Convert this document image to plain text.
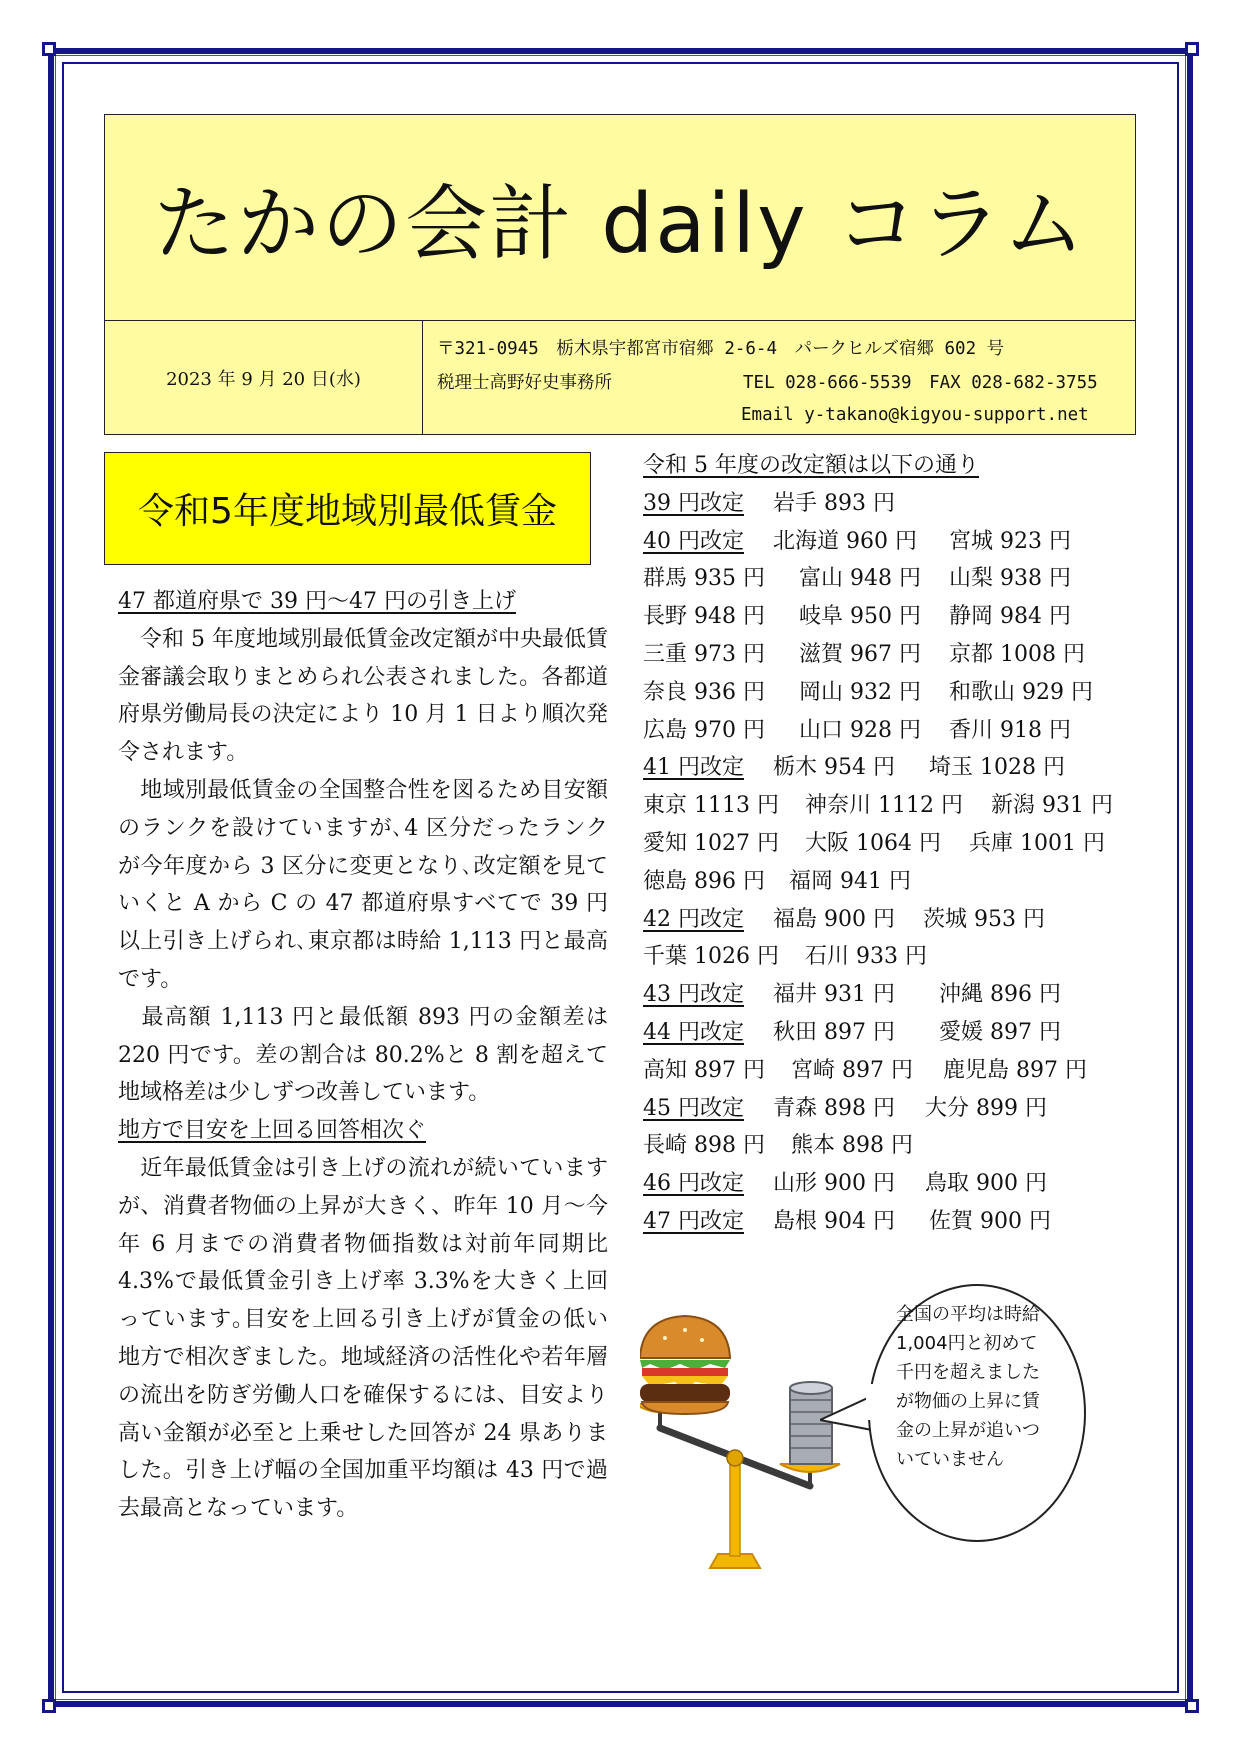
たかの会計 daily コラム
2023 年 9 月 20 日(水)
〒321-0945　栃木県宇都宮市宿郷 2-6-4　パークヒルズ宿郷 602 号
税理士高野好史事務所	TEL 028-666-5539　FAX 028-682-3755
Email y-takano@kigyou-support.net
令和5年度地域別最低賃金

47 都道府県で 39 円～47 円の引き上げ

　令和 5 年度地域別最低賃金改定額が中央最低賃金審議会取りまとめられ公表されました。各都道府県労働局長の決定により 10 月 1 日より順次発令されます。

　地域別最低賃金の全国整合性を図るため目安額のランクを設けていますが､4 区分だったランクが今年度から 3 区分に変更となり､改定額を見ていくと A から C の 47 都道府県すべてで 39 円以上引き上げられ､東京都は時給 1,113 円と最高です。

　最高額 1,113 円と最低額 893 円の金額差は 220 円です。差の割合は 80.2%と 8 割を超えて地域格差は少しずつ改善しています。

地方で目安を上回る回答相次ぐ

　近年最低賃金は引き上げの流れが続いていますが、消費者物価の上昇が大きく、昨年 10 月～今年 6 月までの消費者物価指数は対前年同期比 4.3%で最低賃金引き上げ率 3.3%を大きく上回っています｡目安を上回る引き上げが賃金の低い地方で相次ぎました。地域経済の活性化や若年層の流出を防ぎ労働人口を確保するには、目安より高い金額が必至と上乗せした回答が 24 県ありました。引き上げ幅の全国加重平均額は 43 円で過去最高となっています。

令和 5 年度の改定額は以下の通り
39 円改定 岩手 893 円
40 円改定 北海道 960 円 宮城 923 円
群馬 935 円 富山 948 円 山梨 938 円
長野 948 円 岐阜 950 円 静岡 984 円
三重 973 円 滋賀 967 円 京都 1008 円
奈良 936 円 岡山 932 円 和歌山 929 円
広島 970 円 山口 928 円 香川 918 円
41 円改定 栃木 954 円 埼玉 1028 円
東京 1113 円 神奈川 1112 円 新潟 931 円
愛知 1027 円 大阪 1064 円 兵庫 1001 円
徳島 896 円 福岡 941 円
42 円改定 福島 900 円 茨城 953 円
千葉 1026 円 石川 933 円
43 円改定 福井 931 円 沖縄 896 円
44 円改定 秋田 897 円 愛媛 897 円
高知 897 円 宮崎 897 円 鹿児島 897 円
45 円改定 青森 898 円 大分 899 円
長崎 898 円 熊本 898 円
46 円改定 山形 900 円 鳥取 900 円
47 円改定 島根 904 円 佐賀 900 円
全国の平均は時給
1,004円と初めて
千円を超えました
が物価の上昇に賃
金の上昇が追いつ
いていません
